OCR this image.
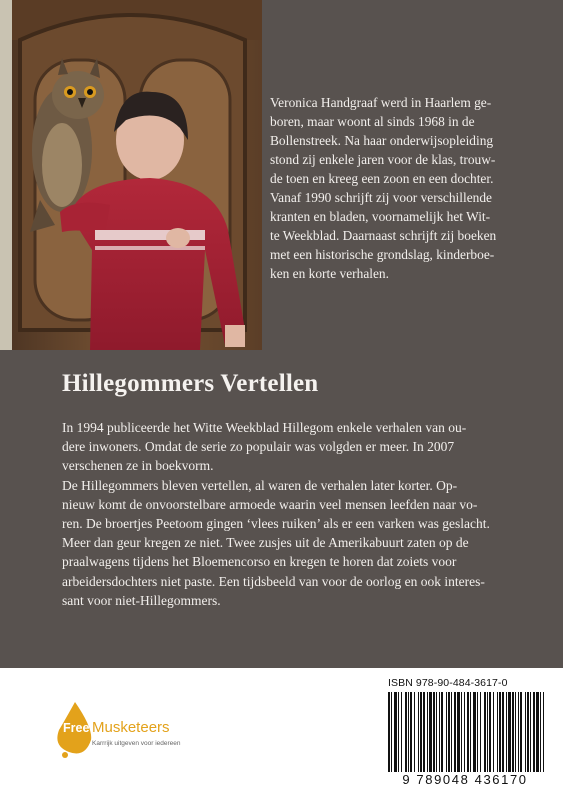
Veronica Handgraaf werd in Haarlem ge-
boren, maar woont al sinds 1968 in de
Bollenstreek. Na haar onderwijsopleiding
stond zij enkele jaren voor de klas, trouw-
de toen en kreeg een zoon en een dochter.
Vanaf 1990 schrijft zij voor verschillende
kranten en bladen, voornamelijk het Wit-
te Weekblad. Daarnaast schrijft zij boeken
met een historische grondslag, kinderboe-
ken en korte verhalen.

Hillegommers Vertellen

In 1994 publiceerde het Witte Weekblad Hillegom enkele verhalen van ou-
dere inwoners. Omdat de serie zo populair was volgden er meer. In 2007
verschenen ze in boekvorm.
De Hillegommers bleven vertellen, al waren de verhalen later korter. Op-
nieuw komt de onvoorstelbare armoede waarin veel mensen leefden naar vo-
ren. De broertjes Peetoom gingen ‘vlees ruiken’ als er een varken was geslacht.
Meer dan geur kregen ze niet. Twee zusjes uit de Amerikabuurt zaten op de
praalwagens tijdens het Bloemencorso en kregen te horen dat zoiets voor
arbeidersdochters niet paste. Een tijdsbeeld van voor de oorlog en ook interes-
sant voor niet-Hillegommers.

Free Musketeers
Karrrijk uitgeven voor iedereen
ISBN 978-90-484-3617-0
9 789048 436170
